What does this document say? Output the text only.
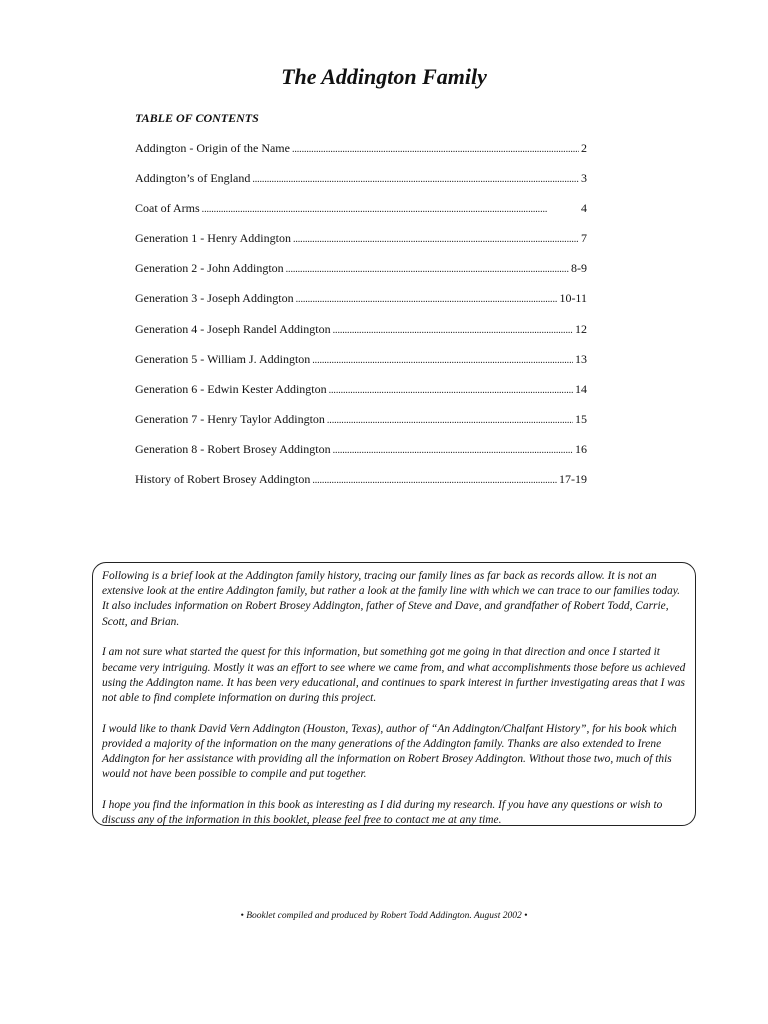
The Addington Family
TABLE OF CONTENTS
Addington - Origin of the Name . . .	2
Addington’s of England . . .	3
Coat of Arms . . .	4
Generation 1 - Henry Addington . . .	7
Generation 2 - John Addington . . .	8-9
Generation 3 - Joseph Addington . . .	10-11
Generation 4 - Joseph Randel Addington . . .	12
Generation 5 - William J. Addington . . .	13
Generation 6 - Edwin Kester Addington . . .	14
Generation 7 - Henry Taylor Addington . . .	15
Generation 8 - Robert Brosey Addington . . .	16
History of Robert Brosey Addington . . .	17-19

Following is a brief look at the Addington family history, tracing our family lines as far back as records allow. It is not an extensive look at the entire Addington family, but rather a look at the family line with which we can trace to our families today. It also includes information on Robert Brosey Addington, father of Steve and Dave, and grandfather of Robert Todd, Carrie, Scott, and Brian.

I am not sure what started the quest for this information, but something got me going in that direction and once I started it became very intriguing. Mostly it was an effort to see where we came from, and what accomplishments those before us achieved using the Addington name. It has been very educational, and continues to spark interest in further investigating areas that I was not able to find complete information on during this project.

I would like to thank David Vern Addington (Houston, Texas), author of “An Addington/Chalfant History”, for his book which provided a majority of the information on the many generations of the Addington family. Thanks are also extended to Irene Addington for her assistance with providing all the information on Robert Brosey Addington. Without those two, much of this would not have been possible to compile and put together.

I hope you find the information in this book as interesting as I did during my research. If you have any questions or wish to discuss any of the information in this booklet, please feel free to contact me at any time.

• Booklet compiled and produced by Robert Todd Addington. August 2002 •
